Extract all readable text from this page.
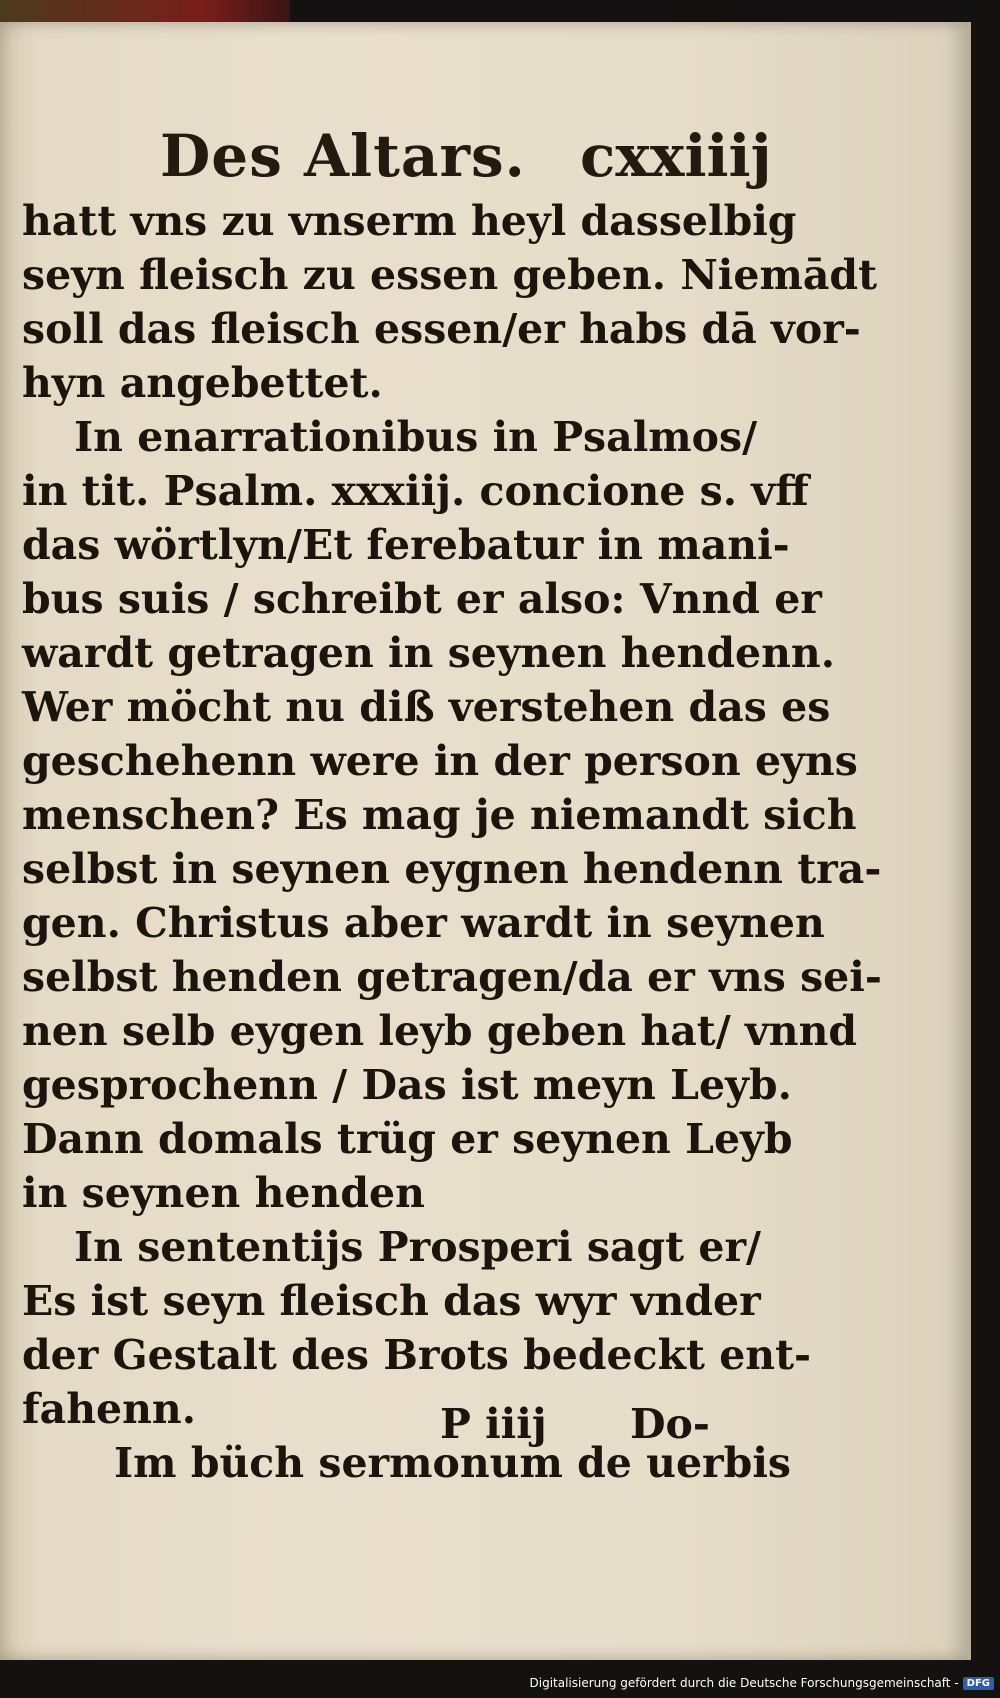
Des Altars. cxxiiij
hatt vns zu vnserm heyl dasselbig
seyn fleisch zu essen geben. Niemādt
soll das fleisch essen/er habs dā vor-
hyn angebettet.
In enarrationibus in Psalmos/
in tit. Psalm. xxxiij. concione s. vff
das wörtlyn/Et ferebatur in mani-
bus suis / schreibt er also: Vnnd er
wardt getragen in seynen hendenn.
Wer möcht nu diß verstehen das es
geschehenn were in der person eyns
menschen? Es mag je niemandt sich
selbst in seynen eygnen hendenn tra-
gen. Christus aber wardt in seynen
selbst henden getragen/da er vns sei-
nen selb eygen leyb geben hat/ vnnd
gesprochenn / Das ist meyn Leyb.
Dann domals trüg er seynen Leyb
in seynen henden
In sententijs Prosperi sagt er/
Es ist seyn fleisch das wyr vnder
der Gestalt des Brots bedeckt ent-
fahenn.
Im büch sermonum de uerbis
P iiij Do-
Digitalisierung gefördert durch die Deutsche Forschungsgemeinschaft - DFG
